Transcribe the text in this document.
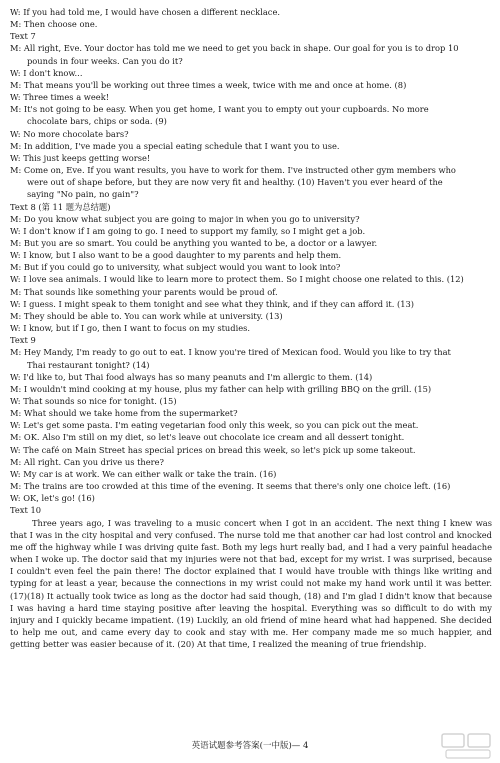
W: If you had told me, I would have chosen a different necklace.
M: Then choose one.
Text 7
M: All right, Eve. Your doctor has told me we need to get you back in shape. Our goal for you is to drop 10
pounds in four weeks. Can you do it?
W: I don't know...
M: That means you'll be working out three times a week, twice with me and once at home. (8)
W: Three times a week!
M: It's not going to be easy. When you get home, I want you to empty out your cupboards. No more
chocolate bars, chips or soda. (9)
W: No more chocolate bars?
M: In addition, I've made you a special eating schedule that I want you to use.
W: This just keeps getting worse!
M: Come on, Eve. If you want results, you have to work for them. I've instructed other gym members who
were out of shape before, but they are now very fit and healthy. (10) Haven't you ever heard of the
saying "No pain, no gain"?
Text 8 (第 11 题为总结题)
M: Do you know what subject you are going to major in when you go to university?
W: I don't know if I am going to go. I need to support my family, so I might get a job.
M: But you are so smart. You could be anything you wanted to be, a doctor or a lawyer.
W: I know, but I also want to be a good daughter to my parents and help them.
M: But if you could go to university, what subject would you want to look into?
W: I love sea animals. I would like to learn more to protect them. So I might choose one related to this. (12)
M: That sounds like something your parents would be proud of.
W: I guess. I might speak to them tonight and see what they think, and if they can afford it. (13)
M: They should be able to. You can work while at university. (13)
W: I know, but if I go, then I want to focus on my studies.
Text 9
M: Hey Mandy, I'm ready to go out to eat. I know you're tired of Mexican food. Would you like to try that
Thai restaurant tonight? (14)
W: I'd like to, but Thai food always has so many peanuts and I'm allergic to them. (14)
M: I wouldn't mind cooking at my house, plus my father can help with grilling BBQ on the grill. (15)
W: That sounds so nice for tonight. (15)
M: What should we take home from the supermarket?
W: Let's get some pasta. I'm eating vegetarian food only this week, so you can pick out the meat.
M: OK. Also I'm still on my diet, so let's leave out chocolate ice cream and all dessert tonight.
W: The café on Main Street has special prices on bread this week, so let's pick up some takeout.
M: All right. Can you drive us there?
W: My car is at work. We can either walk or take the train. (16)
M: The trains are too crowded at this time of the evening. It seems that there's only one choice left. (16)
W: OK, let's go! (16)
Text 10

Three years ago, I was traveling to a music concert when I got in an accident. The next thing I knew was that I was in the city hospital and very confused. The nurse told me that another car had lost control and knocked me off the highway while I was driving quite fast. Both my legs hurt really bad, and I had a very painful headache when I woke up. The doctor said that my injuries were not that bad, except for my wrist. I was surprised, because I couldn't even feel the pain there! The doctor explained that I would have trouble with things like writing and typing for at least a year, because the connections in my wrist could not make my hand work until it was better. (17)(18) It actually took twice as long as the doctor had said though, (18) and I'm glad I didn't know that because I was having a hard time staying positive after leaving the hospital. Everything was so difficult to do with my injury and I quickly became impatient. (19) Luckily, an old friend of mine heard what had happened. She decided to help me out, and came every day to cook and stay with me. Her company made me so much happier, and getting better was easier because of it. (20) At that time, I realized the meaning of true friendship.

英语试题参考答案(一中版)— 4
